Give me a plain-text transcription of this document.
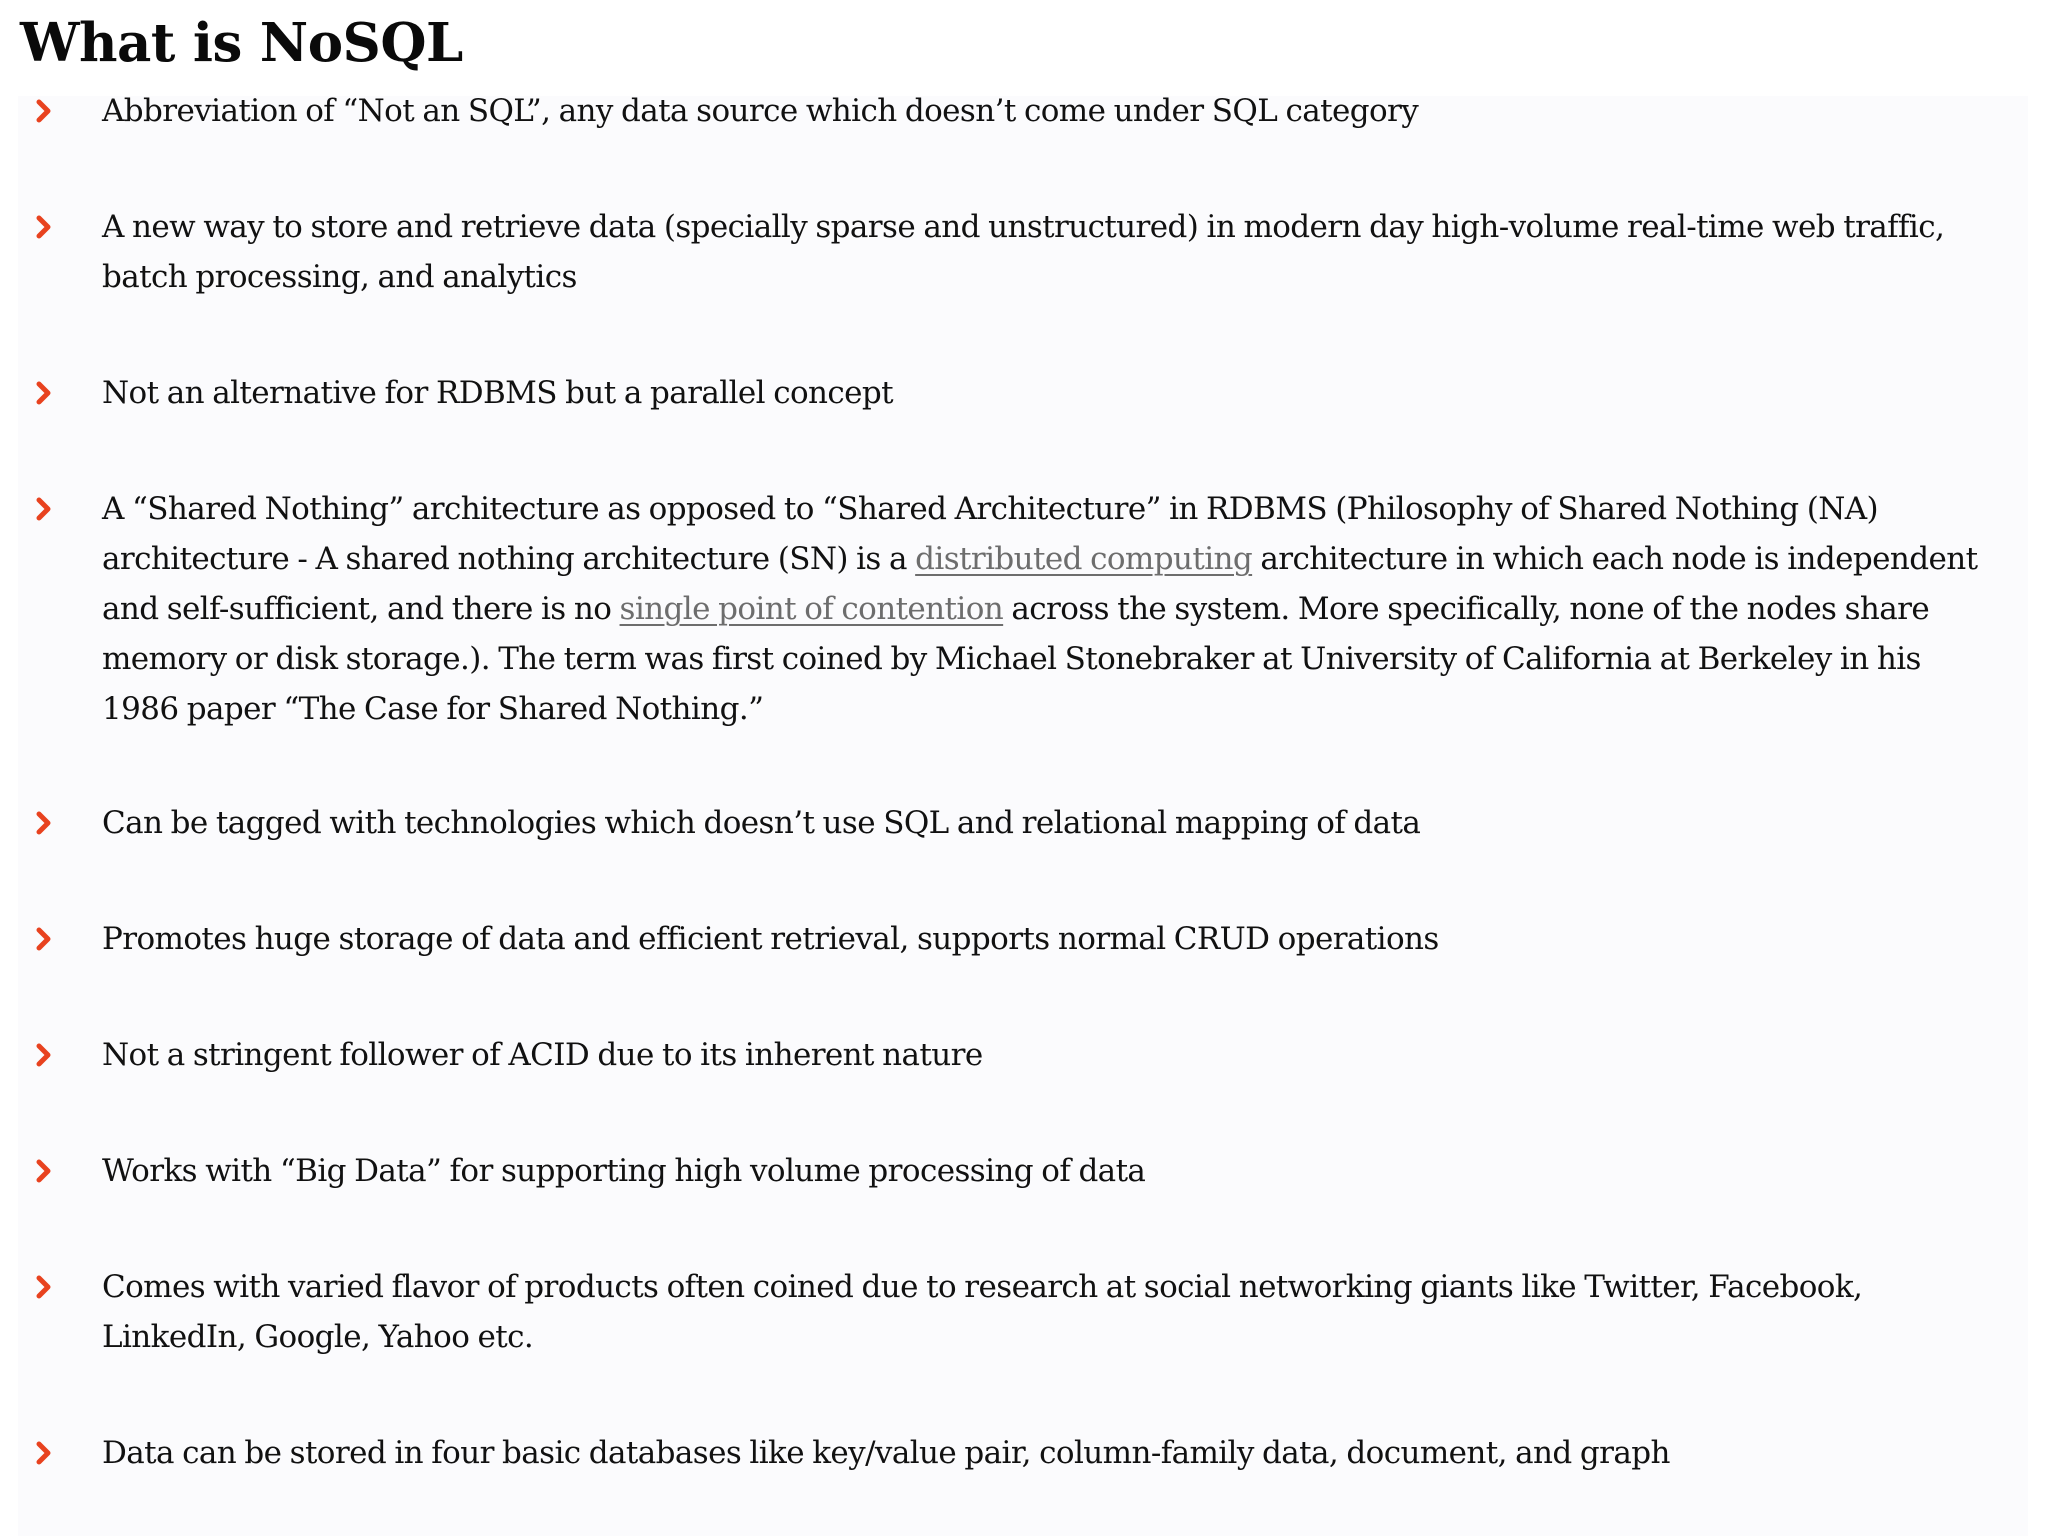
What is NoSQL
Abbreviation of “Not an SQL”, any data source which doesn’t come under SQL category
A new way to store and retrieve data (specially sparse and unstructured) in modern day high-volume real-time web traffic, batch processing, and analytics
Not an alternative for RDBMS but a parallel concept
A “Shared Nothing” architecture as opposed to “Shared Architecture” in RDBMS (Philosophy of Shared Nothing (NA) architecture - A shared nothing architecture (SN) is a distributed computing architecture in which each node is independent and self-sufficient, and there is no single point of contention across the system. More specifically, none of the nodes share memory or disk storage.). The term was first coined by Michael Stonebraker at University of California at Berkeley in his 1986 paper “The Case for Shared Nothing.”
Can be tagged with technologies which doesn’t use SQL and relational mapping of data
Promotes huge storage of data and efficient retrieval, supports normal CRUD operations
Not a stringent follower of ACID due to its inherent nature
Works with “Big Data” for supporting high volume processing of data
Comes with varied flavor of products often coined due to research at social networking giants like Twitter, Facebook, LinkedIn, Google, Yahoo etc.
Data can be stored in four basic databases like key/value pair, column-family data, document, and graph
